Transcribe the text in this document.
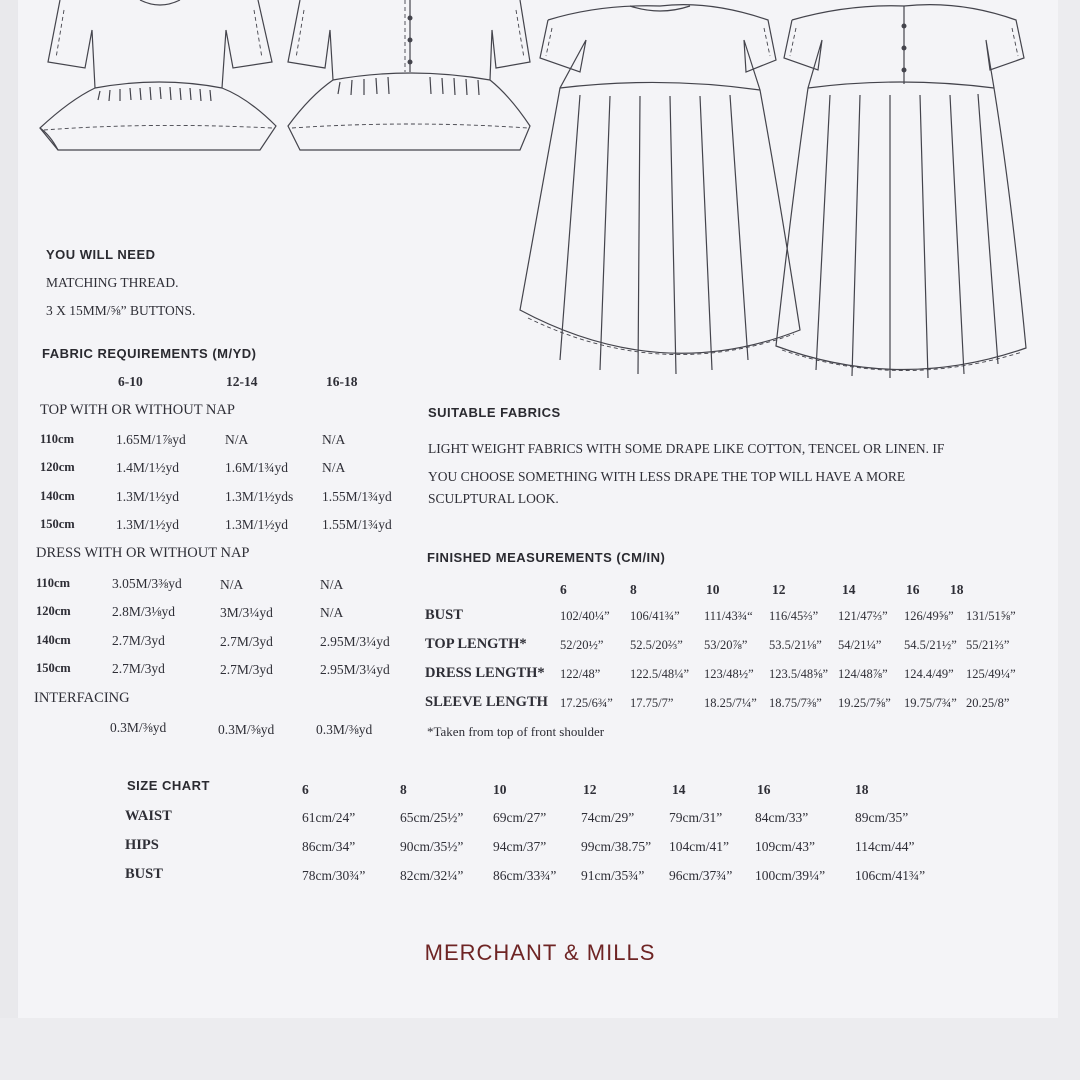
YOU WILL NEED
MATCHING THREAD.
3 X 15MM/⅝” BUTTONS.
FABRIC REQUIREMENTS (M/YD)
6-10	12-14	16-18
TOP WITH OR WITHOUT NAP
110cm	1.65M/1⅞yd	N/A	N/A
120cm	1.4M/1½yd	1.6M/1¾yd	N/A
140cm	1.3M/1½yd	1.3M/1½yds 1.55M/1¾yd
150cm	1.3M/1½yd	1.3M/1½yd	1.55M/1¾yd
DRESS WITH OR WITHOUT NAP
110cm	3.05M/3⅜yd	N/A	N/A
120cm	2.8M/3⅛yd	3M/3¼yd	N/A
140cm	2.7M/3yd	2.7M/3yd	2.95M/3¼yd
150cm	2.7M/3yd	2.7M/3yd	2.95M/3¼yd
INTERFACING
0.3M/⅜yd	0.3M/⅜yd	0.3M/⅜yd
SUITABLE FABRICS
LIGHT WEIGHT FABRICS WITH SOME DRAPE LIKE COTTON, TENCEL OR LINEN. IF
YOU CHOOSE SOMETHING WITH LESS DRAPE THE TOP WILL HAVE A MORE
SCULPTURAL LOOK.
FINISHED MEASUREMENTS (CM/IN)
6	8	10	12	14	16 18
BUST	102/40¼” 106/41¾” 111/43¾“ 116/45⅔” 121/47⅔” 126/49⅝” 131/51⅝”
TOP LENGTH*	52/20½” 52.5/20⅔” 53/20⅞” 53.5/21⅛” 54/21¼” 54.5/21½” 55/21⅔”
DRESS LENGTH* 122/48” 122.5/48¼” 123/48½” 123.5/48⅝” 124/48⅞” 124.4/49” 125/49¼”
SLEEVE LENGTH 17.25/6¾” 17.75/7” 18.25/7¼” 18.75/7⅜” 19.25/7⅝” 19.75/7¾” 20.25/8”
*Taken from top of front shoulder
SIZE CHART	6	8	10	12	14	16	18
WAIST	61cm/24”	65cm/25½” 69cm/27”	74cm/29”	79cm/31” 84cm/33”	89cm/35”
HIPS	86cm/34”	90cm/35½” 94cm/37”	99cm/38.75” 104cm/41” 109cm/43”	114cm/44”
BUST	78cm/30¾”	82cm/32¼” 86cm/33¾” 91cm/35¾” 96cm/37¾” 100cm/39¼” 106cm/41¾”
MERCHANT & MILLS
